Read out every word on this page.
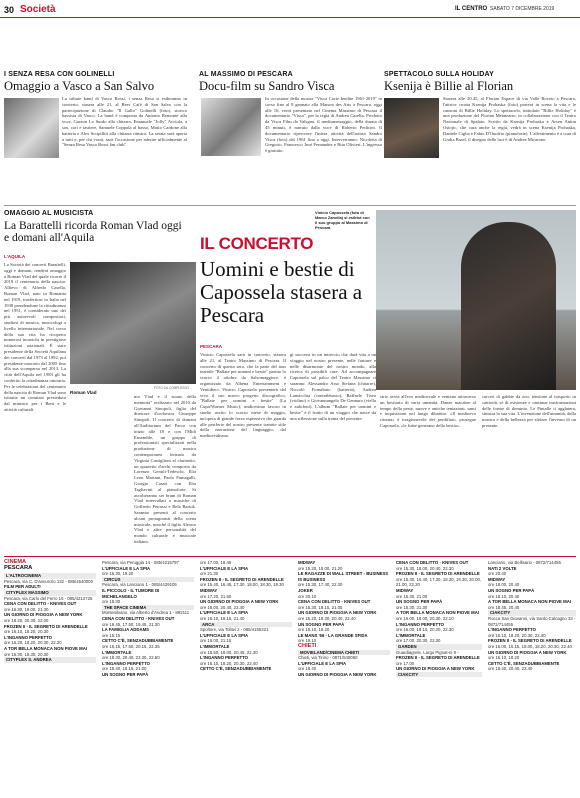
30 Società	IL CENTRO SABATO 7 DICEMBRE 2019
I SENZA RESA CON GOLINELLI
Omaggio a Vasco a San Salvo
La tribute band di Vasco Rossi, i senza Resa si esibiranno in concerto, stasera alle 21, al Beer Café di San Salvo con la partecipazione di Claudio "Il Gallo" Golinelli (foto), storico bassista di Vasco. La band è composta da Antonio Remonte alla voce, Garzon Lo Surdo alla chitarra, Emanuele "Jolly" Acciola, a sax, cori e tastiere, Samuele Coppola al basso, Mario Cardone alla batteria e Alex Scripilliti alla chitarra ritmica. La serata sarà aperta a tutti e, per chi vorrà, sarà l'occasione per aderire ufficialmente al "Senza Resa Vasco Rossi fan club".
AL MASSIMO DI PESCARA
Docu-film su Sandro Visca
In occasione della mostra "Visca Corte Inedite 1961-2019" in corso fino al 8 gennaio alla Maison des Arts a Pescara, oggi alle 16, verrà presentato nel Cinema Massimo di Pescara il documentario "Visca", per la regia di Andrea Carella. Prodotto da Visca Film da Valsgno, il mediometraggio, della durata di 45 minuti, è narrato dalla voce di Roberto Pedicini. Il documentario ripercorre l'intera attività dell'artista Sandro Visca (foto) dal 1961 fino a oggi. Interverranno: Nicoletta di Gregorio, Francesco José Fernandez e Rita Olivieri. L'ingresso è gratuito.
SPETTACOLO SULLA HOLIDAY
Ksenija è Billie al Florian
Stasera alle 20.45, al Florian Espace di via Valle Roveto a Pescara, l'attrice croata Ksenija Prohaska (foto) porterà in scena la vita e le canzoni di Billie Holiday. Lo spettacolo, intitolato "Billie Holiday" è una produzione del Florian Metateatro, in collaborazione con il Teatro Nazionale di Spalato. Scritto da Ksenija Prohaska e Arsen Anton Ostojic, che cura anche la regia, vedrà in scena Ksenija Prohaska, Daniele Ciglia e Fabio D'Onofrio (pianoforte). L'allestimento è a cura di Giulia Basel, il disegno delle luci è di Andrea Micarone.
OMAGGIO AL MUSICISTA
La Barattelli ricorda Roman Vlad oggi e domani all'Aquila
L'AQUILA
La Società dei concerti Barattelli, oggi e domani, renderà omaggio a Roman Vlad del quale ricorre il 2019 il centenario della nascita. Allievo di Alfredo Casella, Roman Vlad, nato in Romania nel 1919, trasferitosi in Italia nel 1938 prendendone la cittadinanza nel 1951, è considerato uno dei più autorevoli compositori, studiosi di musica, musicologi a livello internazionale. Nel corso della sua vita ha ricoperto numerosi incarichi in prestigiose istituzioni nazionali. È stato presidente della Società Aquilana dei concerti dal 1973 al 1992, poi presidente onorario dal 2005 fino alla sua scomparsa nel 2013. La città dell'Aquila nel 1983 gli ha conferito la cittadinanza onoraria. Per le celebrazioni del centenario della nascita di Roman Vlad sono istituite un comitato presieduto dal ministro per i Beni e le attività culturali.
FOTO DA COMPLESSO ...
Roman Vlad
ma Vlad e il suono della memoria" realizzato nel 2010 da Giovanni Sinopoli, figlio del direttore d'orchestra Giuseppe Sinopoli. Il concerto di domani all'Auditorium del Parco con inizio alle 18 e con l'Midi Ensemble, un gruppo di professionisti specializzati nella produzione di musica contemporanea formato da Virginia Castiglioni al clarinetto, un quartetto d'archi composto da Lorenzo Gentili-Tedeschi, Elia Leon Mariani, Paolo Fumagalli, Giorgio Casati con Elia Tagliavini al pianoforte. Si ascolteranno sei brani di Roman Vlad intervallati a musiche di Goffredo Petrassi e Bela Bartok. Saranno presenti al concerto alcuni protagonisti della scena musicale, nonché il figlio Alessio Vlad e altre personalità del mondo culturale e musicale italiano.
Vinicio Capossela (foto di Marco Zanella) si esibirà con il suo gruppo al Massimo di Pescara
IL CONCERTO
Uomini e bestie di Capossela stasera a Pescara
PESCARA
Vinicio Capossela sarà in concerto, stasera alle 21, al Teatro Massimo di Pescara. Il concerto di questa sera, che fa parte del tour teatrale "Ballate per uomini e bestie" partito lo scorso 4 ottobre da Salsomaggiore, è organizzato da Alhena Entertainment e Ventidieci. Vinicio Capossela presenterà dal vivo il suo nuovo progetto discografico, "Ballate per uomini e bestie" (La Cupa/Warner Music), undicesimo lavoro in studio uscito lo scorso mese di maggio, un'opera di grande forza espressiva che guarda alle periferie del nostro presente tramite stile della narrazione del linguaggio, dal medioevalismo.
gi successi in un intreccio che darà vita a un viaggio nel nostro presente, nelle fratture e nelle disarmonie del nostro mondo, alla ricerca di possibili cure. Ad accompagnare Capossela sul palco del Teatro Massimo ci saranno: Alessandro Asso Stefana (chitarre), Niccolò Fornabaio (batteria), Andrea Lamacchia (contrabbasso), Raffaele Tiseo (violino) e Giovannangelo De Gennaro (viella e aulofoni). L'album "Ballate per uomini e bestie" è il frutto di un viaggio che nasce da una riflessione sulla trama del presente.
strie avvia all'evo medioevale e ventano attraverso un bestiario di varia umanità. Danze macabre al tempo della peste, nuove e antiche tentazioni, santi e inquisizioni nel lungo dibattito. «Il medioevo ritorna» è irragionevole dei perdifiato, prosegue Capossela, «le fiabe generano della bestia».
carceri di gabbie da zoo, tensione al trasporto in cattività, sé di esistenze e cantinue trasformazioni delle forme di dominio. Le Pintalle ti agglatera, sinistra la sua vita. L'invenzione dell'umanità, della musica e della bellezza per sfidare l'inverno di un presente.
CINEMA
PESCARA
L'ALTROCINEMA
Pescara, via C. D'annunzio 132 - 085/4540000
FILM PER ADULTI
CITYPLEX MASSIMO
Pescara, via Carlo del Ferro 15 - 085/4212725
CENA CON DELITTO - KNIVES OUT
ore 16.30, 19.00, 21.30
UN GIORNO DI PIOGGIA A NEW YORK
ore 18.20, 20.30, 22.00
FROZEN II - IL SEGRETO DI ARENDELLE
ore 16.10, 18.20, 20.30
L'INGANNO PERFETTO
ore 16.20, 18.20, 20.30, 22.30
A TOR BELLA MONACA NON PIOVE MAI
ore 16.30, 18.30, 20.30
CITYPLEX S. ANDREA
Pescara, via Peruggia 14 - 085/4215797
L'UFFICIALE E LA SPIA
ore 16.30, 19.20
CIRCUS
Pescara, via Lanciano 1 - 085/4429105
IL PICCOLO - IL TUMORE DI MICHELANGELO
ore 18.30
THE SPACE CINEMA
Montesilvano, via Alberto d'Andrea 1 - 892111
CENA CON DELITTO - KNIVES OUT
ore 16.45, 17.50, 19.45, 21.30
LA FAMIGLIA ADDAMS
ore 15.15
CETTO C'È, SENZADUBBIAMENTE
ore 16.15, 17.50, 20.15, 22.35
L'IMMORTALE
ore 18.30, 20.40, 22.30, 22.50
L'INGANNO PERFETTO
ore 15.40, 18.15, 21.00
UN SOGNO PER PAPÀ
ore 17.00, 19.45
L'UFFICIALE E LA SPIA
ore 21.30
FROZEN II - IL SEGRETO DI ARENDELLE
ore 15.40, 16.45, 17.30, 18.00, 18.30, 19.30
MIDWAY
ore 17.20, 21.50
UN GIORNO DI PIOGGIA A NEW YORK
ore 18.00, 20.40, 22.40
L'UFFICIALE E LA SPIA
ore 16.10, 19.15, 21.40
ARCA
Spoltore, via Tolitei 2 - 085/4155321
L'UFFICIALE E LA SPIA
ore 16.00, 21.15
L'IMMORTALE
ore 15.50, 18.00, 20.45, 22.30
L'INGANNO PERFETTO
ore 16.10, 18.20, 20.30, 22.40
CETTO C'È, SENZADUBBIAMENTE
MIDWAY
ore 15.20, 18.00, 21.20
LE RAGAZZE DI WALL STREET - BUSINESS IS BUSINESS
ore 15.30, 17.40, 22.30
JOKER
ore 20.10
CENA CON DELITTO - KNIVES OUT
ore 15.30, 18.15, 21.05
UN GIORNO DI PIOGGIA A NEW YORK
ore 16.20, 18.30, 20.40, 22.40
UN SOGNO PER PAPÀ
ore 16.10, 18.20
LE MANS '66 - LA GRANDE SFIDA
ore 19.10
CHIETI
MOVIELAND/CINEMA CHIETI
Chieti, via Tirino - 0871/540050
L'UFFICIALE E LA SPIA
ore 18.40
UN GIORNO DI PIOGGIA A NEW YORK
CENA CON DELITTO - KNIVES OUT
ore 15.30, 18.00, 20.40, 22.30
FROZEN II - IL SEGRETO DI ARENDELLE
ore 15.30, 16.40, 17.30, 18.30, 19.30, 20.00, 21.00, 22.20
MIDWAY
ore 16.30, 21.00
UN SOGNO PER PAPÀ
ore 16.30, 21.30
A TOR BELLA MONACA NON PIOVE MAI
ore 16.00, 18.00, 20.30, 22.10
L'INGANNO PERFETTO
ore 16.00, 18.10, 20.20, 22.30
L'IMMORTALE
ore 17.00, 20.30, 22.30
GARDEN
Guardiagrele, Largo Pignat-ni 9 -
FROZEN II - IL SEGRETO DI ARENDELLE
ore 17.00
UN GIORNO DI PIOGGIA A NEW YORK
CIAKCITY
Lanciano, via Bellisario - 0872/714455
NATI 2 VOLTE
ore 20.40
MIDWAY
ore 18.00, 20.40
UN SOGNO PER PAPÀ
ore 18.10, 20.40
A TOR BELLA MONACA NON PIOVE MAI
ore 18.45, 20.45
CIAKCITY
Rocca San Giovanni, via Santo Calcagno 33 - 0872/714455
L'INGANNO PERFETTO
ore 16.10, 18.20, 20.30, 22.40
FROZEN II - IL SEGRETO DI ARENDELLE
ore 16.00, 16.15, 18.00, 18.20, 20.30, 22.40
UN GIORNO DI PIOGGIA A NEW YORK
ore 16.10, 18.20
CETTO C'È, SENZADUBBIAMENTE
ore 18.40, 20.40, 22.40
